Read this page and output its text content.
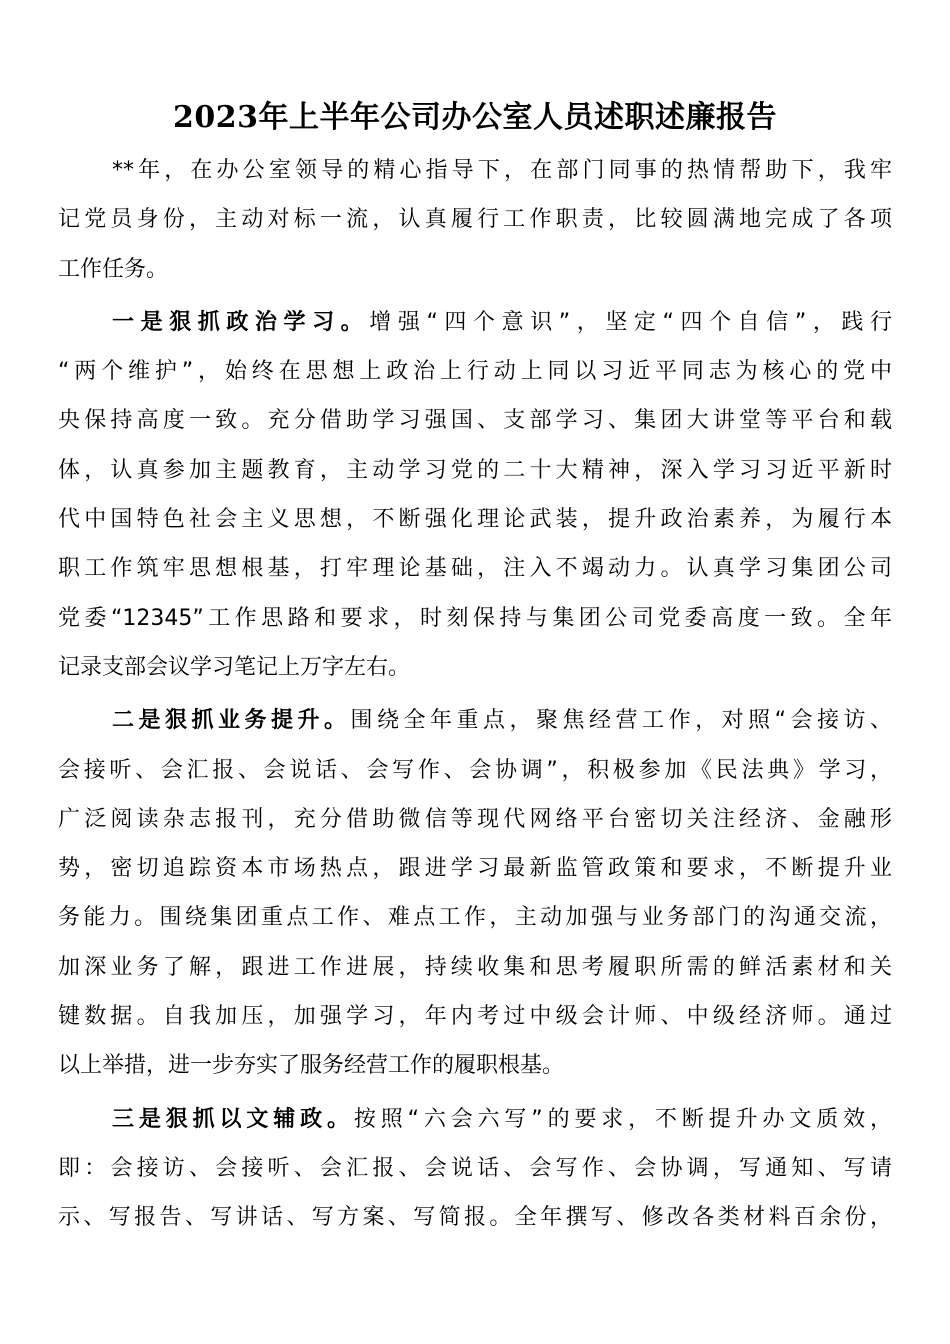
2023年上半年公司办公室人员述职述廉报告
**年，在办公室领导的精心指导下，在部门同事的热情帮助下，我牢
记党员身份，主动对标一流，认真履行工作职责，比较圆满地完成了各项
工作任务。
一是狠抓政治学习。增强“四个意识”，坚定“四个自信”，践行
“两个维护”，始终在思想上政治上行动上同以习近平同志为核心的党中
央保持高度一致。充分借助学习强国、支部学习、集团大讲堂等平台和载
体，认真参加主题教育，主动学习党的二十大精神，深入学习习近平新时
代中国特色社会主义思想，不断强化理论武装，提升政治素养，为履行本
职工作筑牢思想根基，打牢理论基础，注入不竭动力。认真学习集团公司
党委“12345”工作思路和要求，时刻保持与集团公司党委高度一致。全年
记录支部会议学习笔记上万字左右。
二是狠抓业务提升。围绕全年重点，聚焦经营工作，对照“会接访、
会接听、会汇报、会说话、会写作、会协调”，积极参加《民法典》学习，
广泛阅读杂志报刊，充分借助微信等现代网络平台密切关注经济、金融形
势，密切追踪资本市场热点，跟进学习最新监管政策和要求，不断提升业
务能力。围绕集团重点工作、难点工作，主动加强与业务部门的沟通交流，
加深业务了解，跟进工作进展，持续收集和思考履职所需的鲜活素材和关
键数据。自我加压，加强学习，年内考过中级会计师、中级经济师。通过
以上举措，进一步夯实了服务经营工作的履职根基。
三是狠抓以文辅政。按照“六会六写”的要求，不断提升办文质效，
即：会接访、会接听、会汇报、会说话、会写作、会协调，写通知、写请
示、写报告、写讲话、写方案、写简报。全年撰写、修改各类材料百余份，
